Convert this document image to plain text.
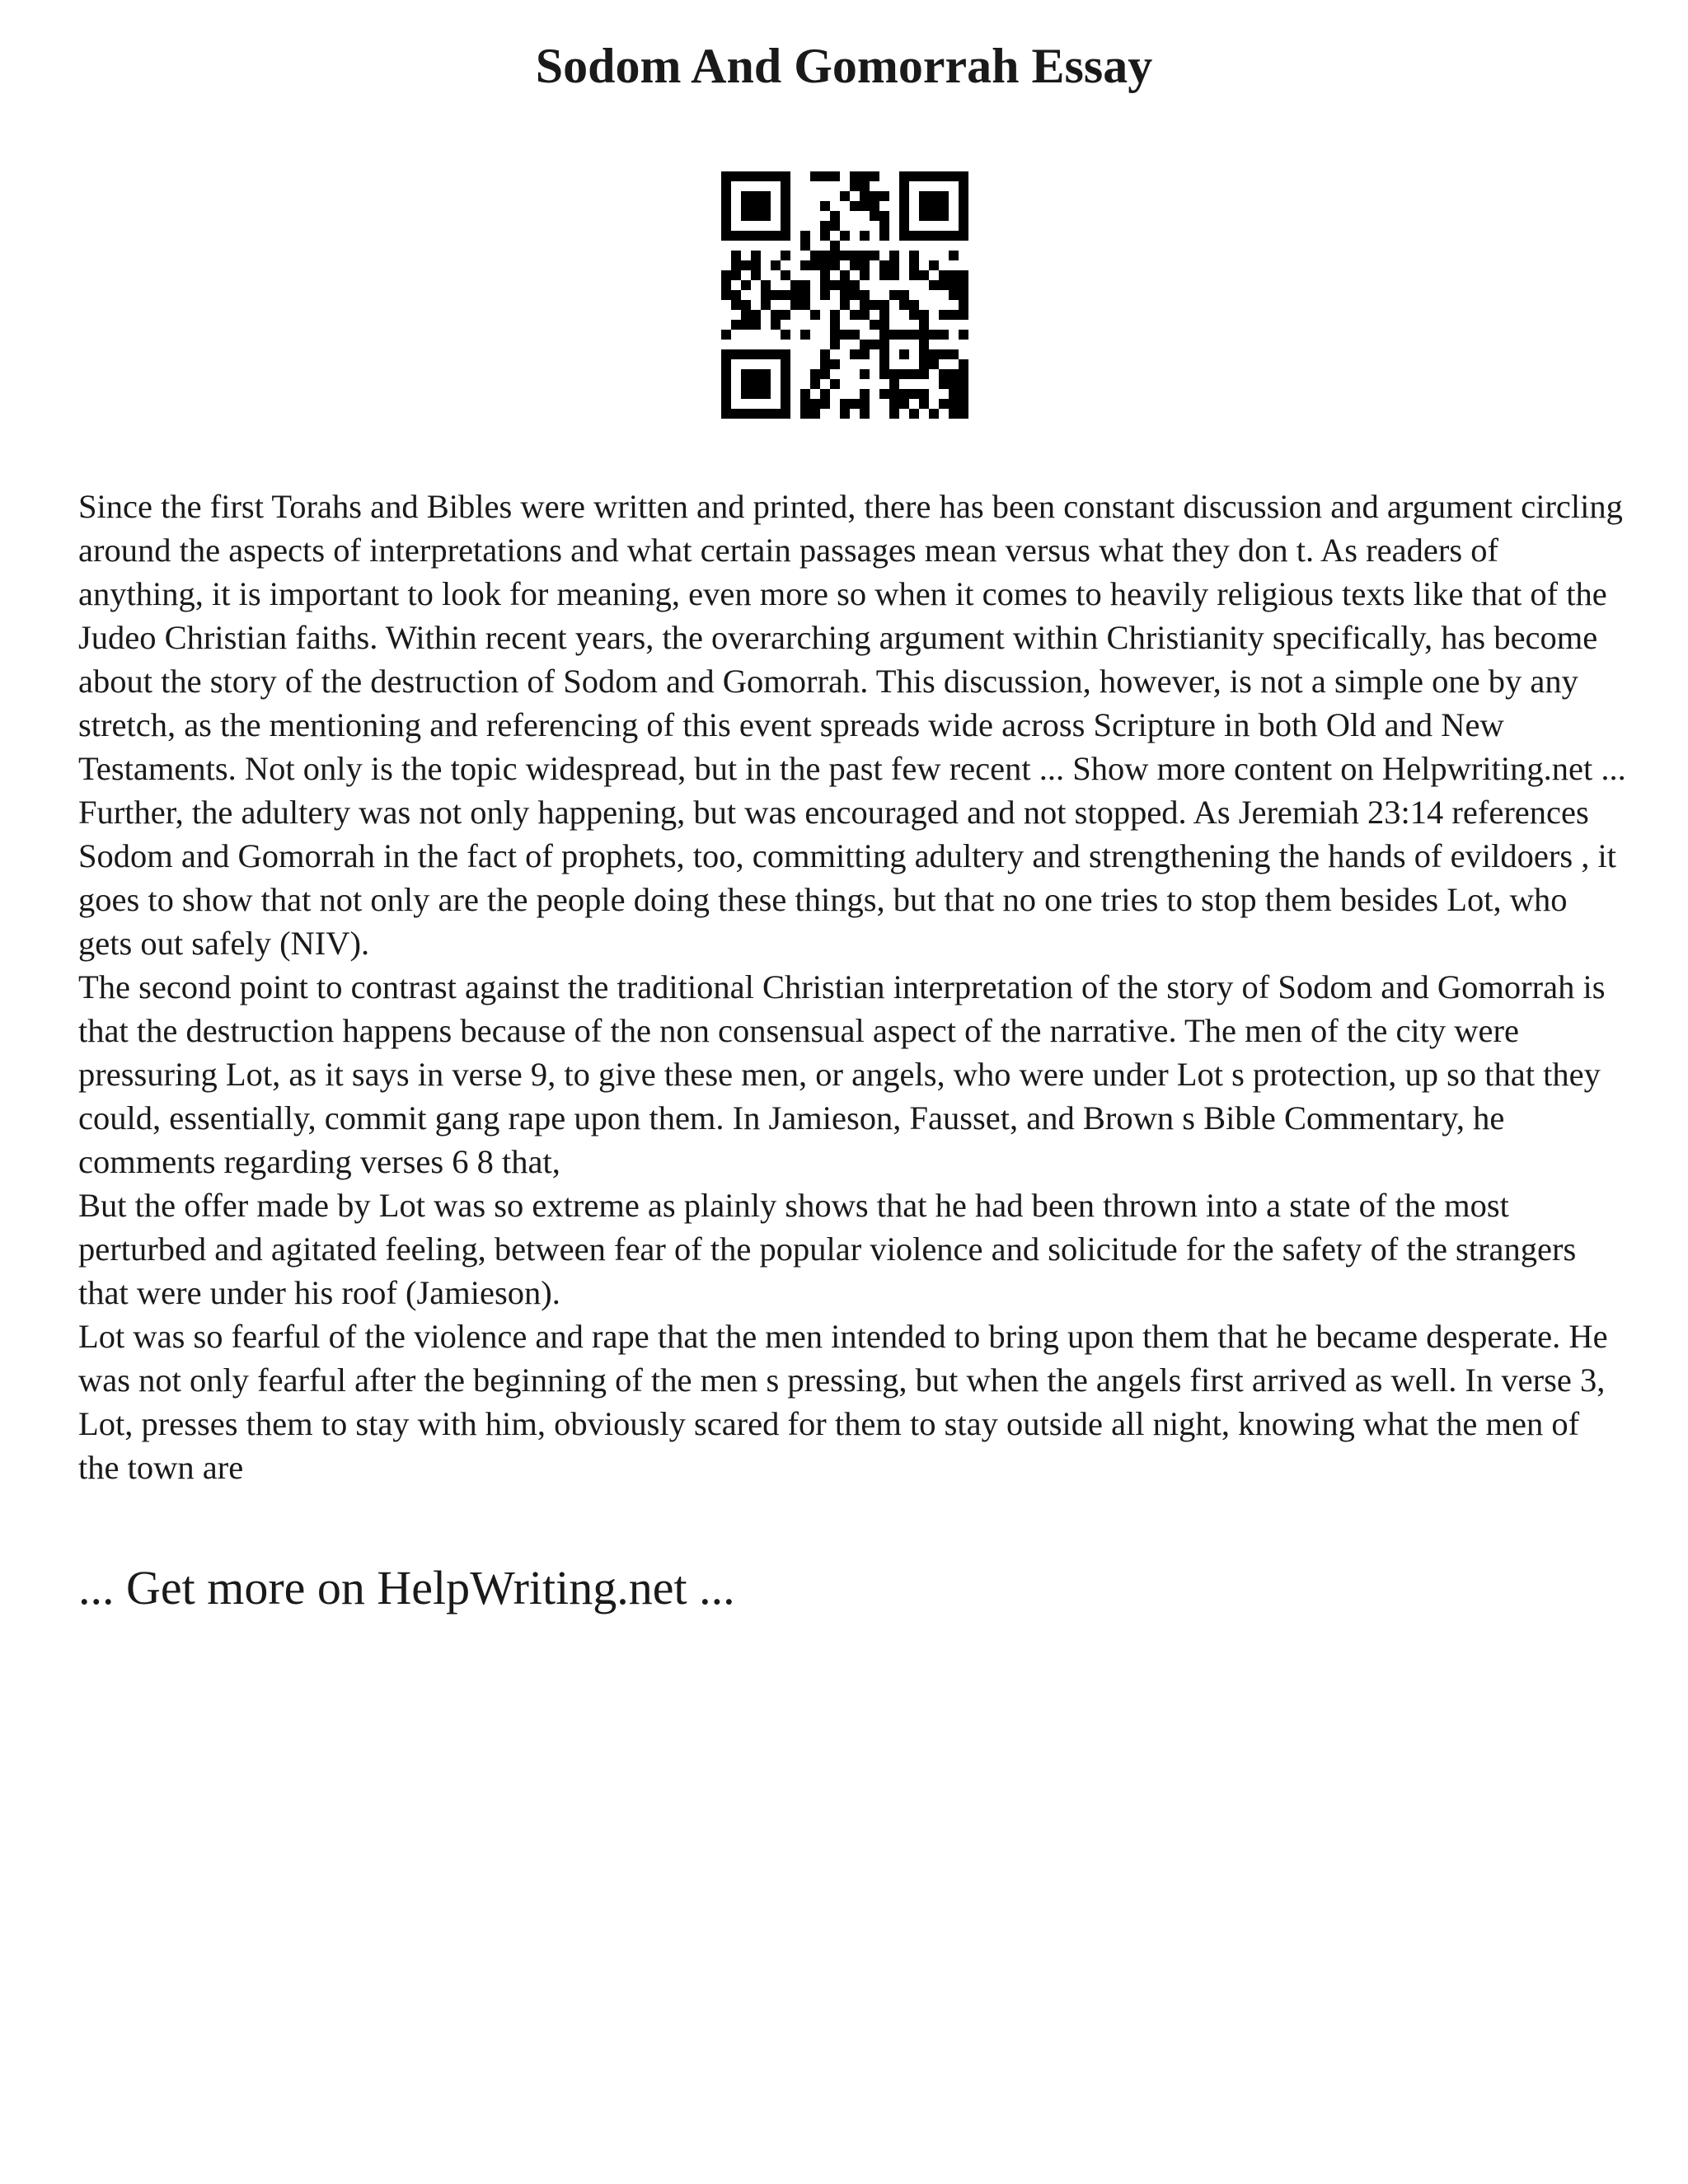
Sodom And Gomorrah Essay

Since the first Torahs and Bibles were written and printed, there has been constant discussion and argument circling around the aspects of interpretations and what certain passages mean versus what they don t. As readers of anything, it is important to look for meaning, even more so when it comes to heavily religious texts like that of the Judeo Christian faiths. Within recent years, the overarching argument within Christianity specifically, has become about the story of the destruction of Sodom and Gomorrah. This discussion, however, is not a simple one by any stretch, as the mentioning and referencing of this event spreads wide across Scripture in both Old and New Testaments. Not only is the topic widespread, but in the past few recent ... Show more content on Helpwriting.net ...

Further, the adultery was not only happening, but was encouraged and not stopped. As Jeremiah 23:14 references Sodom and Gomorrah in the fact of prophets, too, committing adultery and strengthening the hands of evildoers , it goes to show that not only are the people doing these things, but that no one tries to stop them besides Lot, who gets out safely (NIV).

The second point to contrast against the traditional Christian interpretation of the story of Sodom and Gomorrah is that the destruction happens because of the non consensual aspect of the narrative. The men of the city were pressuring Lot, as it says in verse 9, to give these men, or angels, who were under Lot s protection, up so that they could, essentially, commit gang rape upon them. In Jamieson, Fausset, and Brown s Bible Commentary, he comments regarding verses 6 8 that,

But the offer made by Lot was so extreme as plainly shows that he had been thrown into a state of the most perturbed and agitated feeling, between fear of the popular violence and solicitude for the safety of the strangers that were under his roof (Jamieson).

Lot was so fearful of the violence and rape that the men intended to bring upon them that he became desperate. He was not only fearful after the beginning of the men s pressing, but when the angels first arrived as well. In verse 3, Lot, presses them to stay with him, obviously scared for them to stay outside all night, knowing what the men of the town are

... Get more on HelpWriting.net ...
